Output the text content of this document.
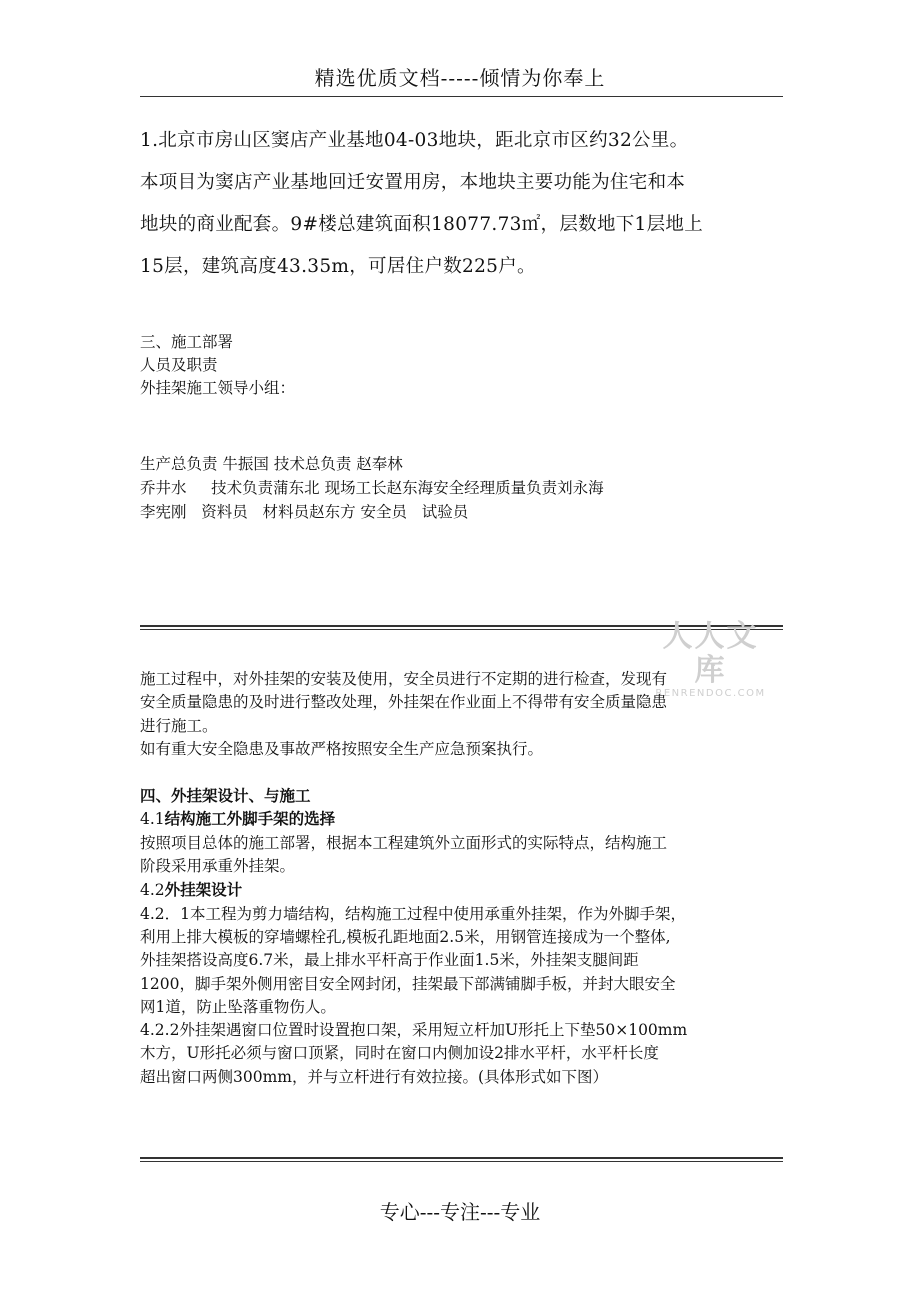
精选优质文档-----倾情为你奉上

1.北京市房山区窦店产业基地04-03地块，距北京市区约32公里。

本项目为窦店产业基地回迁安置用房，本地块主要功能为住宅和本

地块的商业配套。9#楼总建筑面积18077.73㎡，层数地下1层地上

15层，建筑高度43.35m，可居住户数225户。

三、施工部署

人员及职责

外挂架施工领导小组：

生产总负责 牛振国 技术总负责 赵奉林

乔井水     技术负责蒲东北 现场工长赵东海安全经理质量负责刘永海

李宪刚   资料员   材料员赵东方 安全员   试验员

人人文库
RENRENDOC.COM

施工过程中，对外挂架的安装及使用，安全员进行不定期的进行检查，发现有

安全质量隐患的及时进行整改处理，外挂架在作业面上不得带有安全质量隐患

进行施工。

如有重大安全隐患及事故严格按照安全生产应急预案执行。

四、外挂架设计、与施工

4.1结构施工外脚手架的选择

按照项目总体的施工部署，根据本工程建筑外立面形式的实际特点，结构施工

阶段采用承重外挂架。

4.2外挂架设计

4.2．1本工程为剪力墙结构，结构施工过程中使用承重外挂架，作为外脚手架，

利用上排大模板的穿墙螺栓孔,模板孔距地面2.5米，用钢管连接成为一个整体,

外挂架搭设高度6.7米，最上排水平杆高于作业面1.5米，外挂架支腿间距

1200，脚手架外侧用密目安全网封闭，挂架最下部满铺脚手板，并封大眼安全

网1道，防止坠落重物伤人。

4.2.2外挂架遇窗口位置时设置抱口架，采用短立杆加U形托上下垫50×100mm

木方，U形托必须与窗口顶紧，同时在窗口内侧加设2排水平杆，水平杆长度

超出窗口两侧300mm，并与立杆进行有效拉接。(具体形式如下图）

专心---专注---专业
